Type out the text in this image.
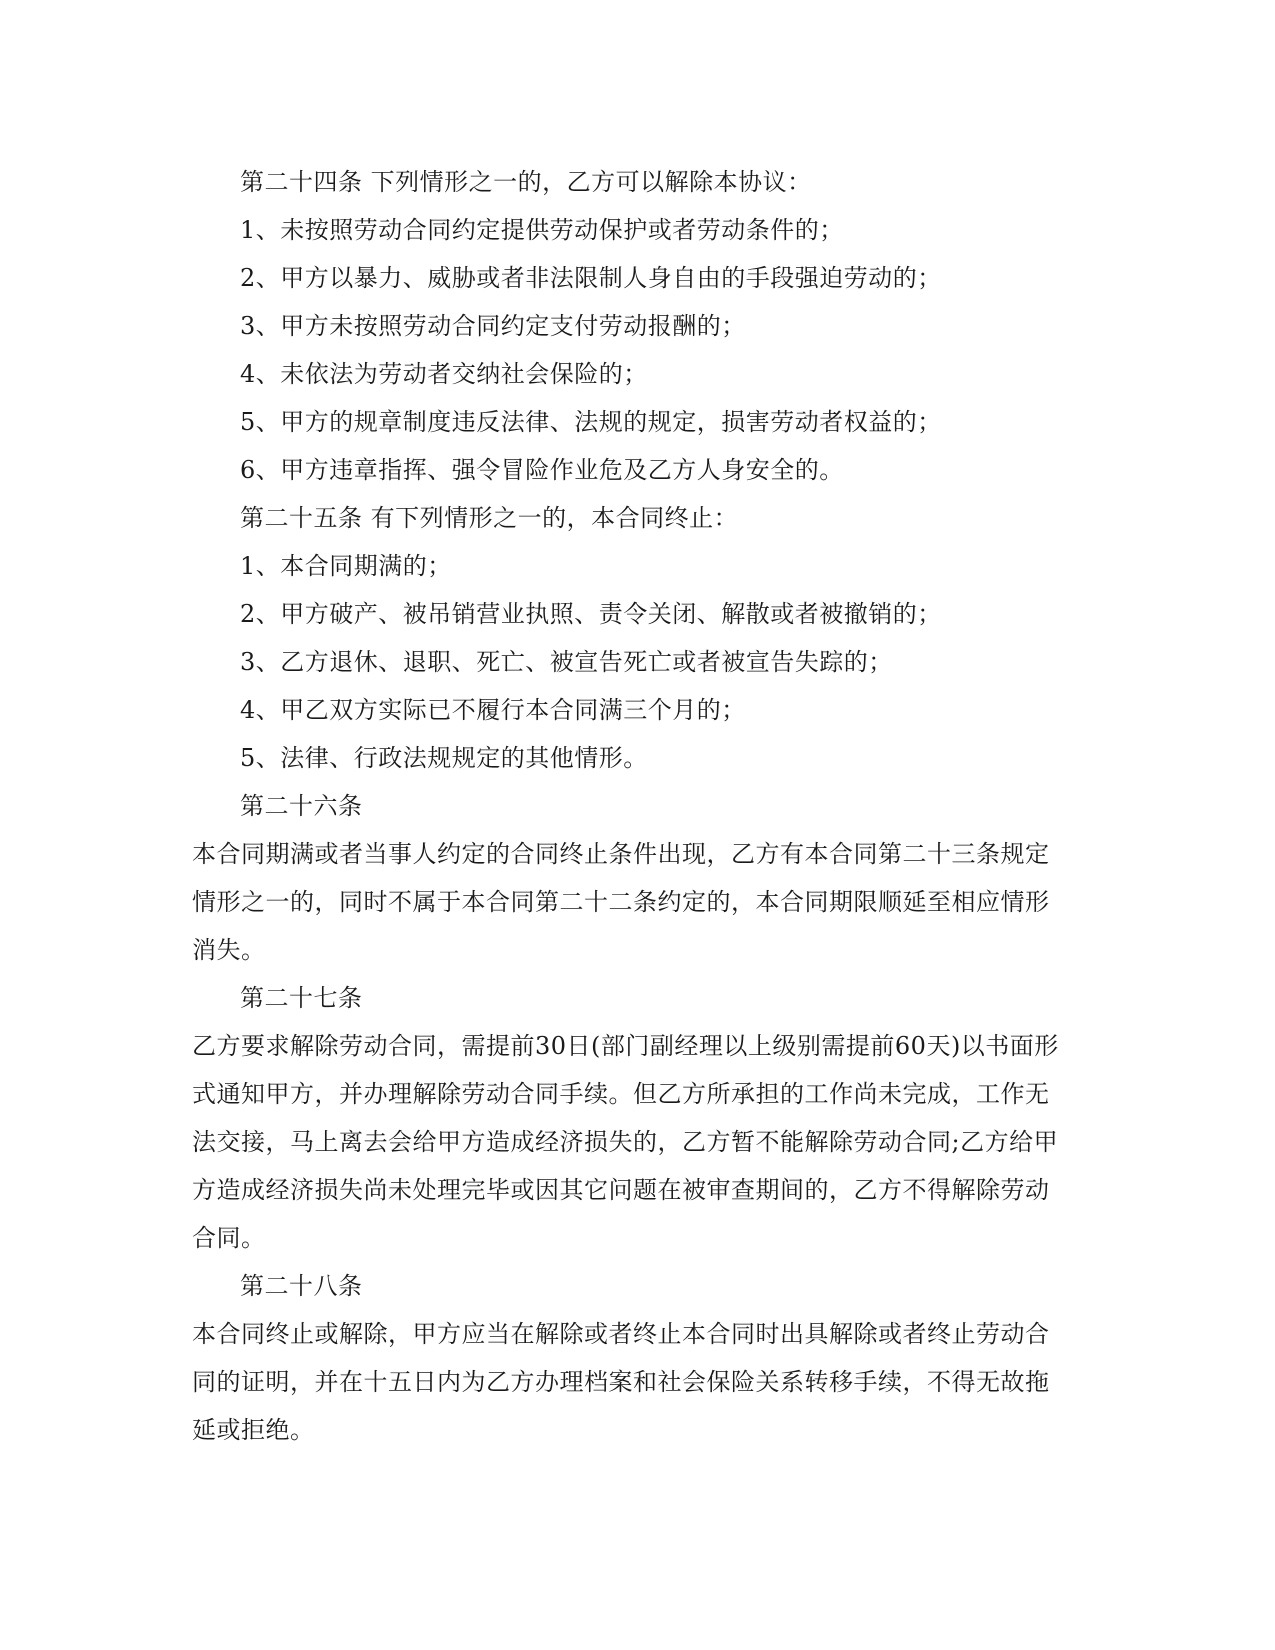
第二十四条 下列情形之一的，乙方可以解除本协议：
1、未按照劳动合同约定提供劳动保护或者劳动条件的；
2、甲方以暴力、威胁或者非法限制人身自由的手段强迫劳动的；
3、甲方未按照劳动合同约定支付劳动报酬的；
4、未依法为劳动者交纳社会保险的；
5、甲方的规章制度违反法律、法规的规定，损害劳动者权益的；
6、甲方违章指挥、强令冒险作业危及乙方人身安全的。
第二十五条 有下列情形之一的，本合同终止：
1、本合同期满的；
2、甲方破产、被吊销营业执照、责令关闭、解散或者被撤销的；
3、乙方退休、退职、死亡、被宣告死亡或者被宣告失踪的；
4、甲乙双方实际已不履行本合同满三个月的；
5、法律、行政法规规定的其他情形。
第二十六条
本合同期满或者当事人约定的合同终止条件出现，乙方有本合同第二十三条规定
情形之一的，同时不属于本合同第二十二条约定的，本合同期限顺延至相应情形
消失。
第二十七条
乙方要求解除劳动合同，需提前30日(部门副经理以上级别需提前60天)以书面形
式通知甲方，并办理解除劳动合同手续。但乙方所承担的工作尚未完成，工作无
法交接，马上离去会给甲方造成经济损失的，乙方暂不能解除劳动合同;乙方给甲
方造成经济损失尚未处理完毕或因其它问题在被审查期间的，乙方不得解除劳动
合同。
第二十八条
本合同终止或解除，甲方应当在解除或者终止本合同时出具解除或者终止劳动合
同的证明，并在十五日内为乙方办理档案和社会保险关系转移手续，不得无故拖
延或拒绝。
